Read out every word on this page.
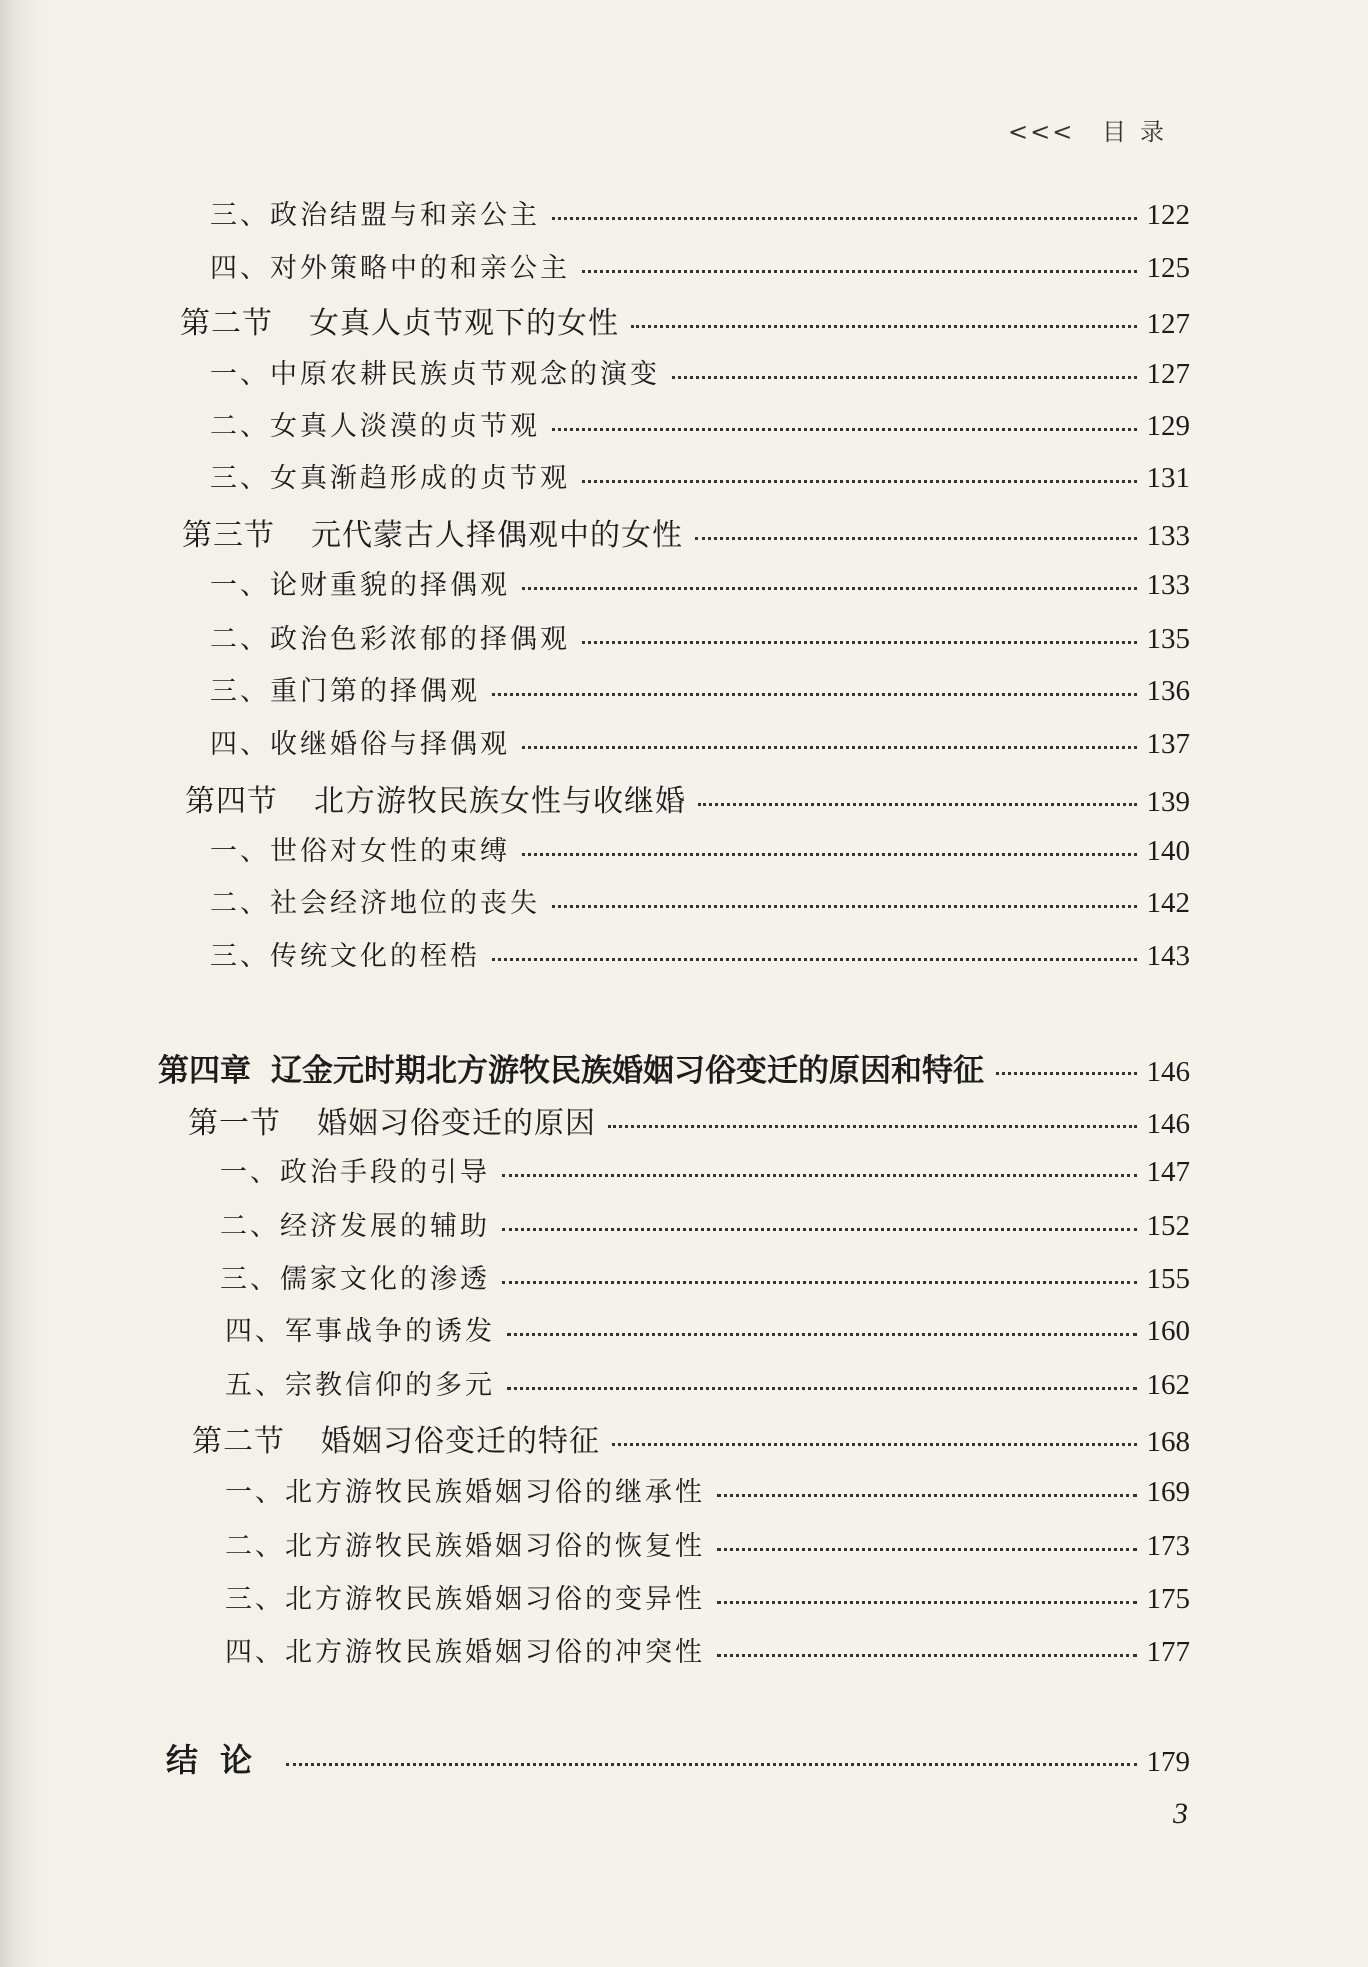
<<< 目录
三、政治结盟与和亲公主	122
四、对外策略中的和亲公主	125
第二节 女真人贞节观下的女性	127
一、中原农耕民族贞节观念的演变	127
二、女真人淡漠的贞节观	129
三、女真渐趋形成的贞节观	131
第三节 元代蒙古人择偶观中的女性	133
一、论财重貌的择偶观	133
二、政治色彩浓郁的择偶观	135
三、重门第的择偶观	136
四、收继婚俗与择偶观	137
第四节 北方游牧民族女性与收继婚	139
一、世俗对女性的束缚	140
二、社会经济地位的丧失	142
三、传统文化的桎梏	143
第四章 辽金元时期北方游牧民族婚姻习俗变迁的原因和特征	146
第一节 婚姻习俗变迁的原因	146
一、政治手段的引导	147
二、经济发展的辅助	152
三、儒家文化的渗透	155
四、军事战争的诱发	160
五、宗教信仰的多元	162
第二节 婚姻习俗变迁的特征	168
一、北方游牧民族婚姻习俗的继承性	169
二、北方游牧民族婚姻习俗的恢复性	173
三、北方游牧民族婚姻习俗的变异性	175
四、北方游牧民族婚姻习俗的冲突性	177
结论	179
3
